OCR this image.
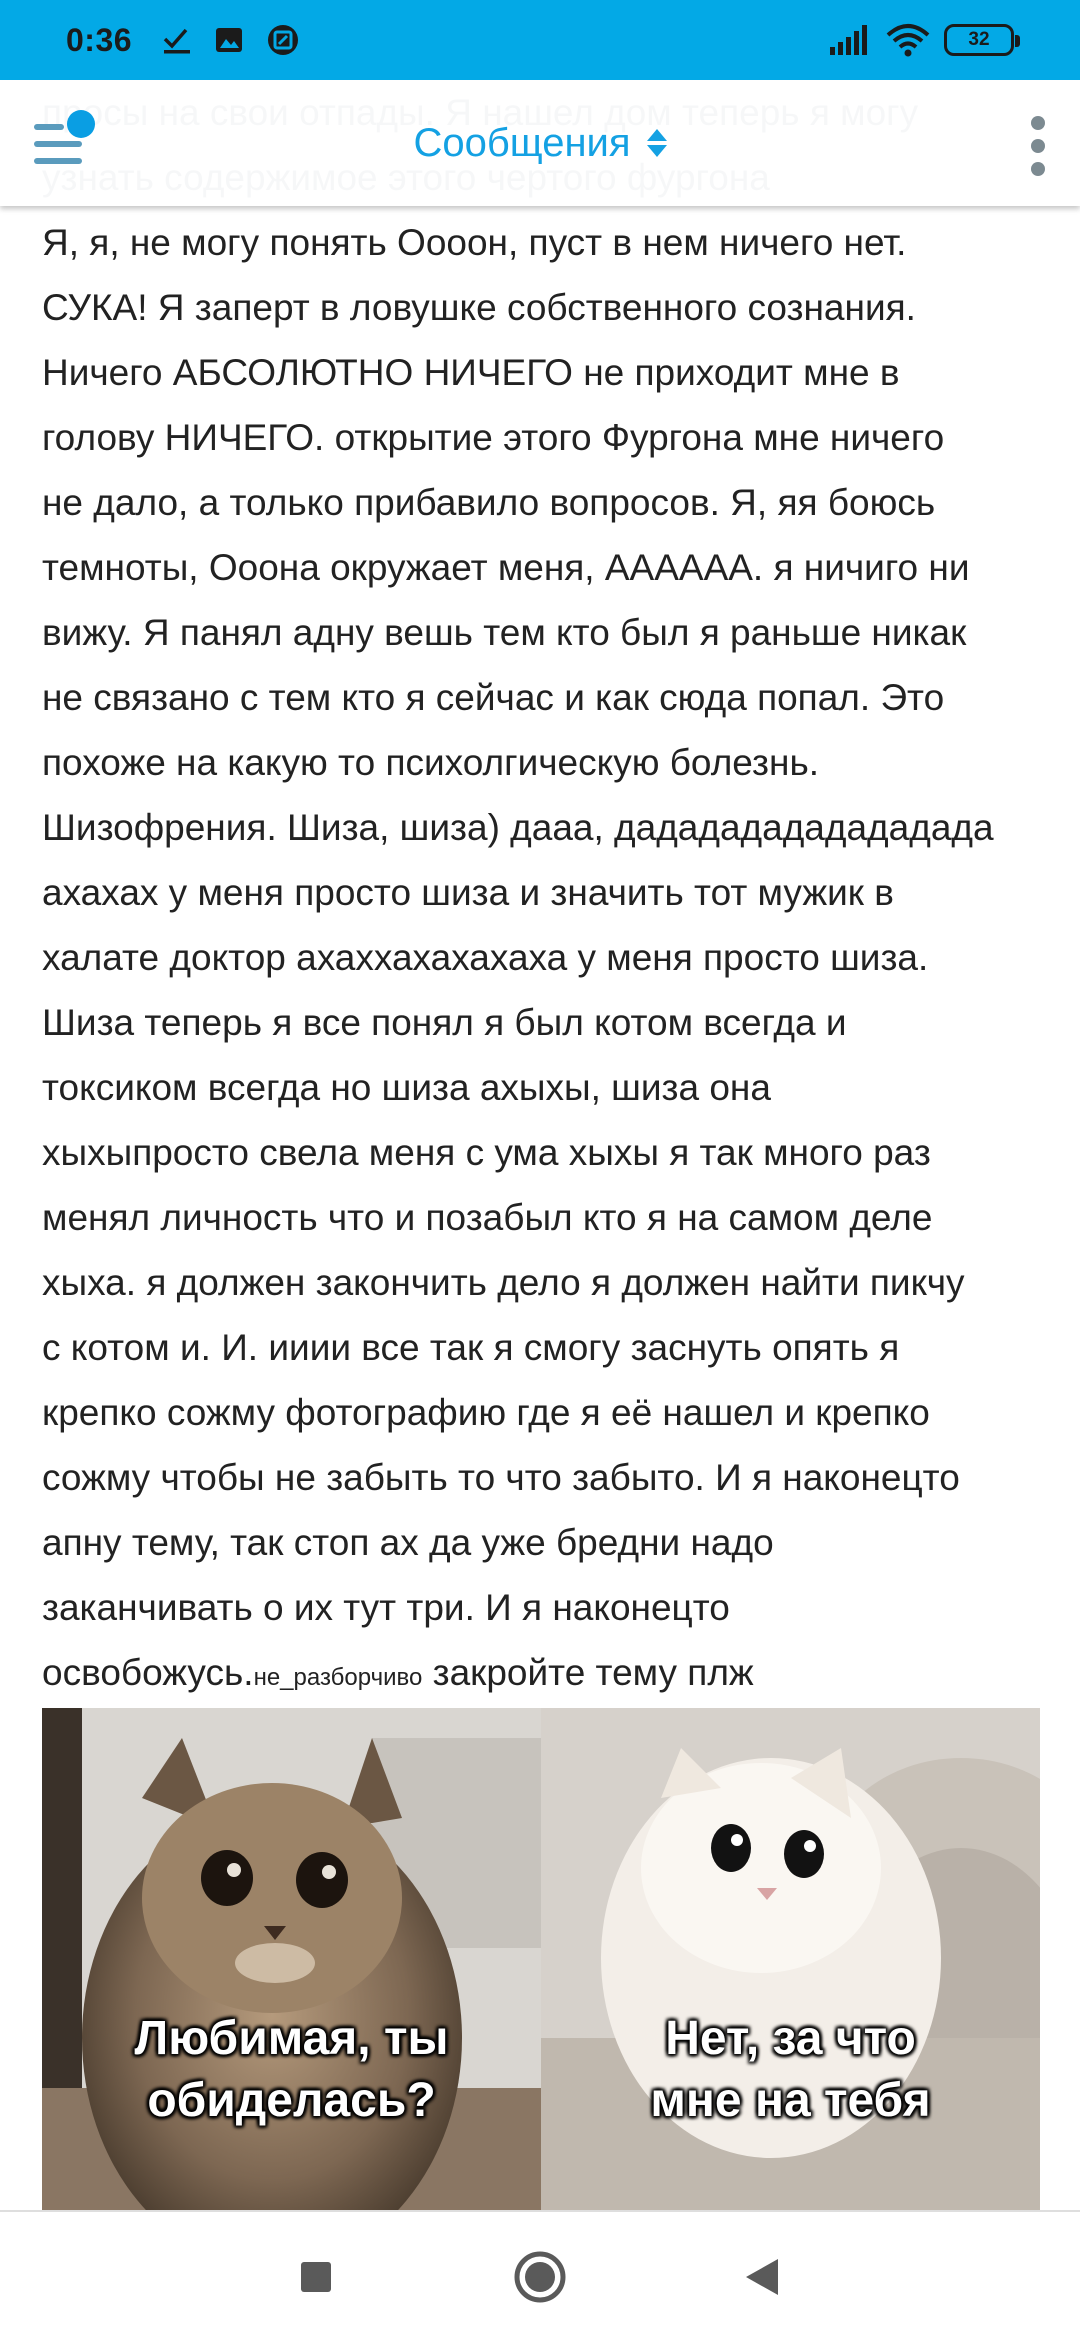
Я, я, не могу понять Оооон, пуст в нем ничего нет.

СУКА! Я заперт в ловушке собственного сознания.

Ничего АБСОЛЮТНО НИЧЕГО не приходит мне в

голову НИЧЕГО. открытие этого Фургона мне ничего

не дало, а только прибавило вопросов. Я, яя боюсь

темноты, Ооона окружает меня, АААААА. я ничиго ни

вижу. Я панял адну вешь тем кто был я раньше никак

не связано с тем кто я сейчас и как сюда попал. Это

похоже на какую то психолгическую болезнь.

Шизофрения. Шиза, шиза) дааа, дадададададададада

ахахах у меня просто шиза и значить тот мужик в

халате доктор ахаххахахахаха у меня просто шиза.

Шиза теперь я все понял я был котом всегда и

токсиком всегда но шиза ахыхы, шиза она

хыхыпросто свела меня с ума хыхы я так много раз

менял личность что и позабыл кто я на самом деле

хыха. я должен закончить дело я должен найти пикчу

с котом и. И. ииии все так я смогу заснуть опять я

крепко сожму фотографию где я её нашел и крепко

сожму чтобы не забыть то что забыто. И я наконецто

апну тему, так стоп ах да уже бредни надо

заканчивать о их тут три. И я наконецто

освобожусь.не_разборчиво закройте тему плж

Любимая, ты
обиделась?
Нет, за что
мне на тебя
0:36	32
Сообщения
